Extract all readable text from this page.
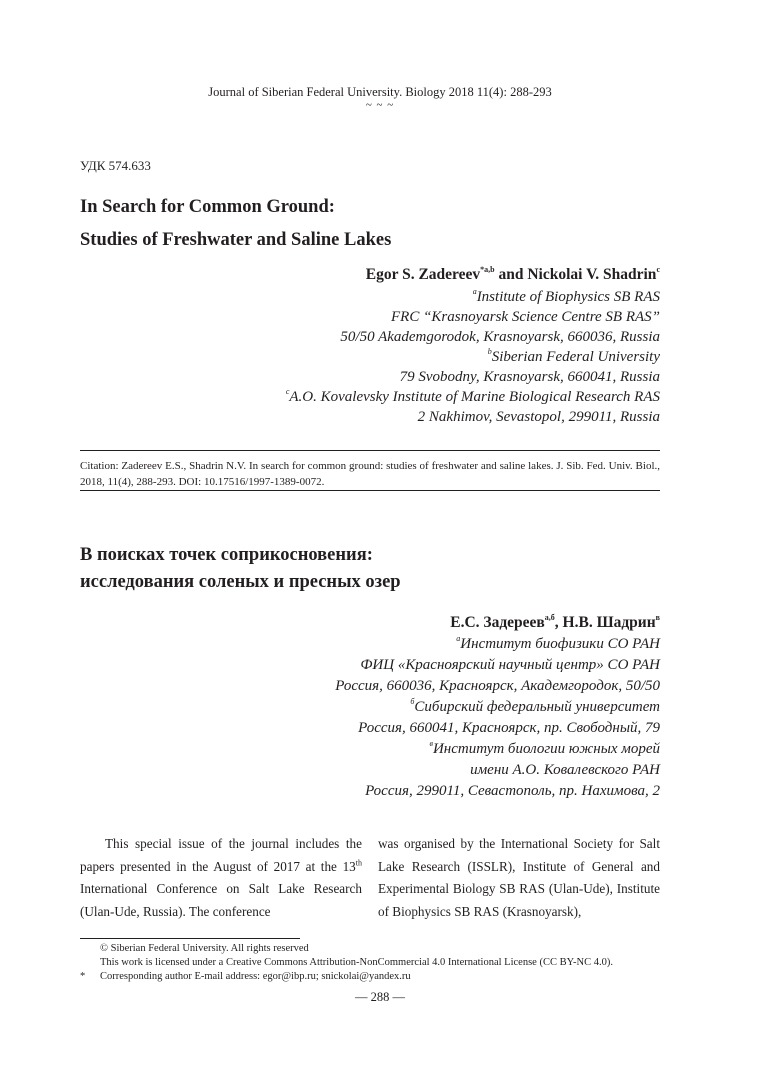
Journal of Siberian Federal University. Biology 2018 11(4): 288-293
~ ~ ~
УДК 574.633
In Search for Common Ground:
Studies of Freshwater and Saline Lakes
Egor S. Zadereev$^{*a,b}$ and Nickolai V. Shadrin$^c$
$^a$Institute of Biophysics SB RAS
FRC “Krasnoyarsk Science Centre SB RAS”
50/50 Akademgorodok, Krasnoyarsk, 660036, Russia
$^b$Siberian Federal University
79 Svobodny, Krasnoyarsk, 660041, Russia
$^c$A.O. Kovalevsky Institute of Marine Biological Research RAS
2 Nakhimov, Sevastopol, 299011, Russia
Citation: Zadereev E.S., Shadrin N.V. In search for common ground: studies of freshwater and saline lakes. J. Sib. Fed. Univ. Biol., 2018, 11(4), 288-293. DOI: 10.17516/1997-1389-0072.
В поисках точек соприкосновения:
исследования соленых и пресных озер
Е.С. Задереев$^{а,б}$, Н.В. Шадрин$^в$
$^а$Институт биофизики СО РАН
ФИЦ «Красноярский научный центр» СО РАН
Россия, 660036, Красноярск, Академгородок, 50/50
$^б$Сибирский федеральный университет
Россия, 660041, Красноярск, пр. Свободный, 79
$^в$Институт биологии южных морей
имени А.О. Ковалевского РАН
Россия, 299011, Севастополь, пр. Нахимова, 2

This special issue of the journal includes the papers presented in the August of 2017 at the 13th International Conference on Salt Lake Research (Ulan-Ude, Russia). The conference

was organised by the International Society for Salt Lake Research (ISSLR), Institute of General and Experimental Biology SB RAS (Ulan-Ude), Institute of Biophysics SB RAS (Krasnoyarsk),

© Siberian Federal University. All rights reserved
This work is licensed under a Creative Commons Attribution-NonCommercial 4.0 International License (CC BY-NC 4.0).
* Corresponding author E-mail address: egor@ibp.ru; snickolai@yandex.ru
— 288 —
